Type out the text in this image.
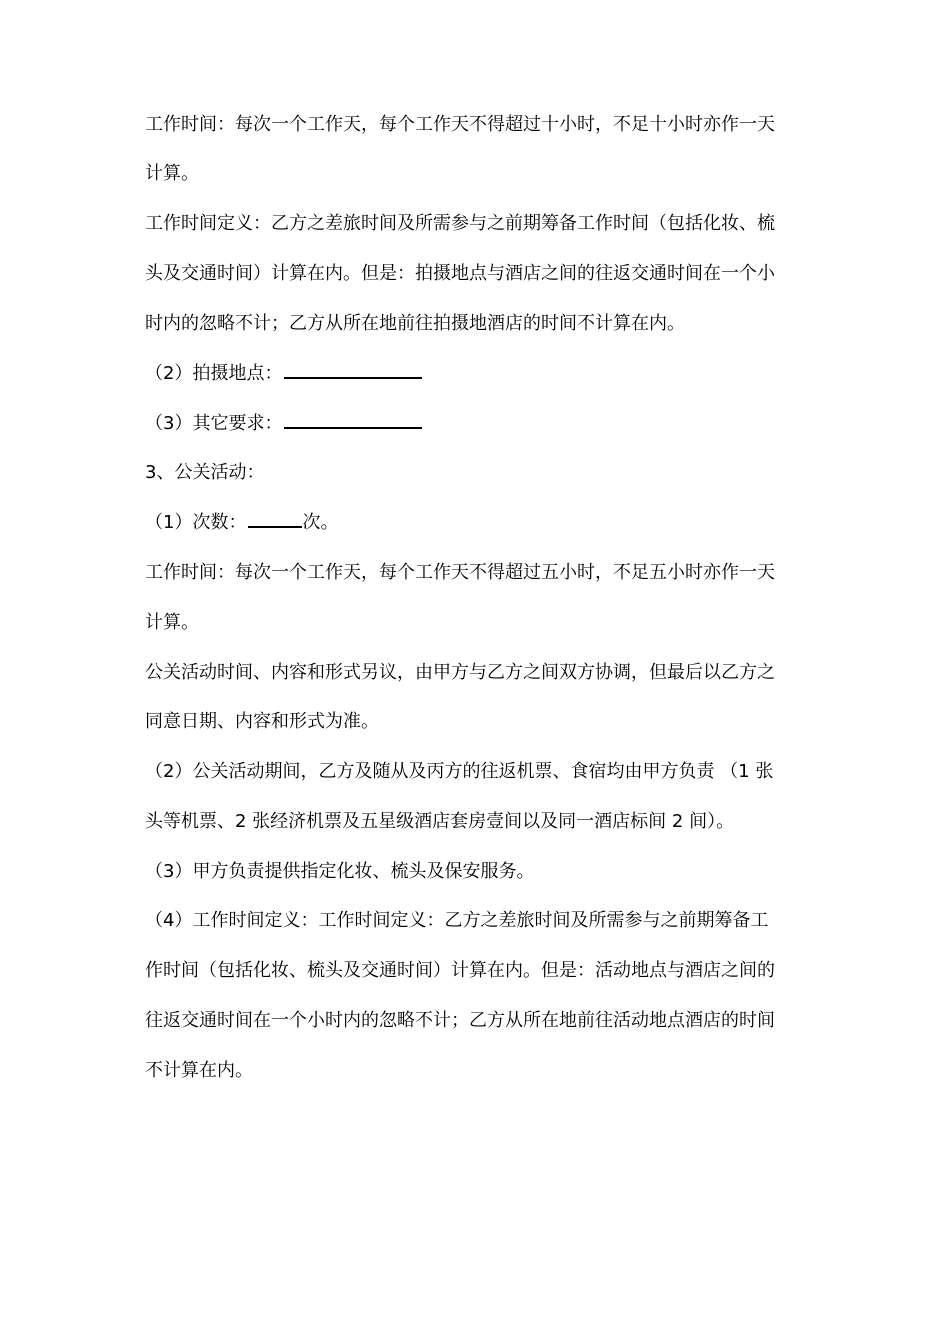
工作时间：每次一个工作天，每个工作天不得超过十小时，不足十小时亦作一天
计算。
工作时间定义：乙方之差旅时间及所需参与之前期筹备工作时间（包括化妆、梳
头及交通时间）计算在内。但是：拍摄地点与酒店之间的往返交通时间在一个小
时内的忽略不计；乙方从所在地前往拍摄地酒店的时间不计算在内。
（2）拍摄地点：
（3）其它要求：
3、公关活动：
（1）次数：	次。
工作时间：每次一个工作天，每个工作天不得超过五小时，不足五小时亦作一天
计算。
公关活动时间、内容和形式另议，由甲方与乙方之间双方协调，但最后以乙方之
同意日期、内容和形式为准。
（2）公关活动期间，乙方及随从及丙方的往返机票、食宿均由甲方负责 （1 张
头等机票、2 张经济机票及五星级酒店套房壹间以及同一酒店标间 2 间）。
（3）甲方负责提供指定化妆、梳头及保安服务。
（4）工作时间定义：工作时间定义：乙方之差旅时间及所需参与之前期筹备工
作时间（包括化妆、梳头及交通时间）计算在内。但是：活动地点与酒店之间的
往返交通时间在一个小时内的忽略不计；乙方从所在地前往活动地点酒店的时间
不计算在内。
